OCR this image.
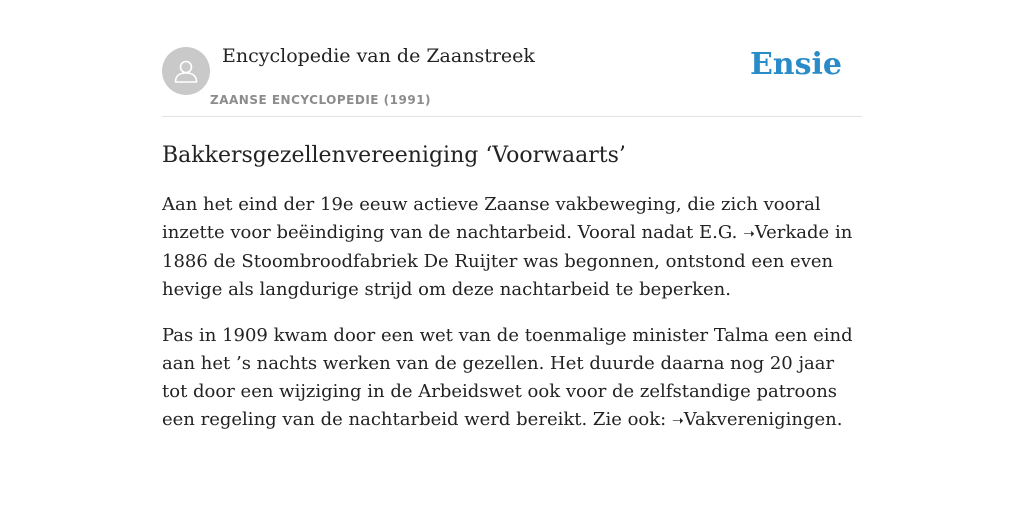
Encyclopedie van de Zaanstreek
ZAANSE ENCYCLOPEDIE (1991)
Ensie
Bakkersgezellenvereeniging ‘Voorwaarts’

Aan het eind der 19e eeuw actieve Zaanse vakbeweging, die zich vooral inzette voor beëindiging van de nachtarbeid. Vooral nadat E.G. ➝Verkade in 1886 de Stoombroodfabriek De Ruijter was begonnen, ontstond een even hevige als langdurige strijd om deze nachtarbeid te beperken.

Pas in 1909 kwam door een wet van de toenmalige minister Talma een eind aan het ’s nachts werken van de gezellen. Het duurde daarna nog 20 jaar tot door een wijziging in de Arbeidswet ook voor de zelfstandige patroons een regeling van de nachtarbeid werd bereikt. Zie ook: ➝Vakverenigingen.
